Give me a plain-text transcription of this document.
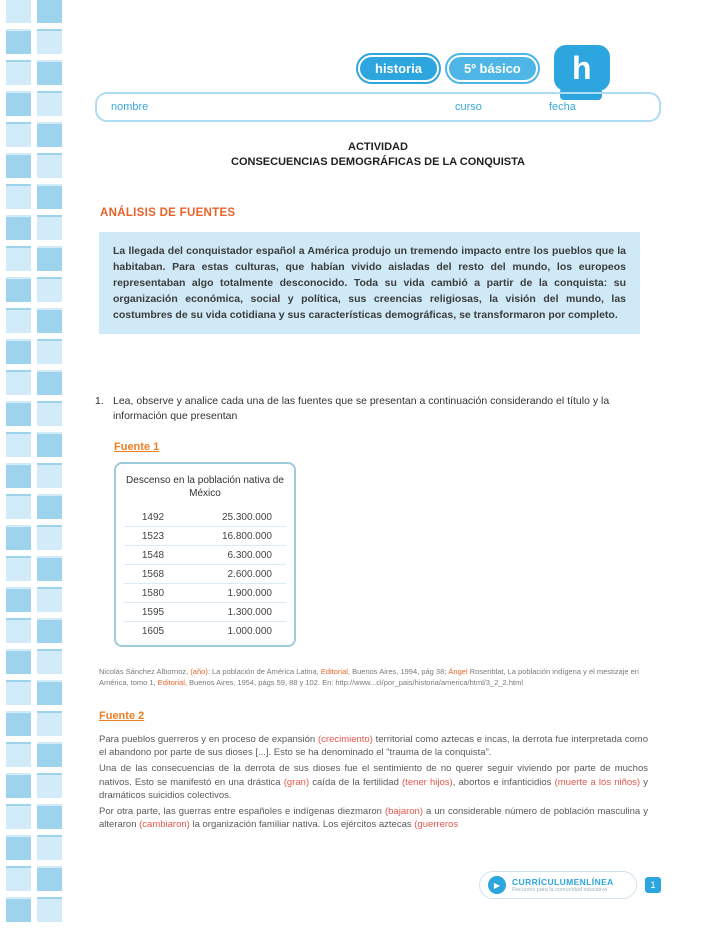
historia	5º básico	h
nombre	curso	fecha
ACTIVIDAD
CONSECUENCIAS DEMOGRÁFICAS DE LA CONQUISTA
ANÁLISIS DE FUENTES
La llegada del conquistador español a América produjo un tremendo impacto entre los pueblos que la habitaban. Para estas culturas, que habían vivido aisladas del resto del mundo, los europeos representaban algo totalmente desconocido. Toda su vida cambió a partir de la conquista: su organización económica, social y política, sus creencias religiosas, la visión del mundo, las costumbres de su vida cotidiana y sus características demográficas, se transformaron por completo.
1. Lea, observe y analice cada una de las fuentes que se presentan a continuación considerando el título y la información que presentan
Fuente 1
Descenso en la población nativa de México
1492	25.300.000
1523	16.800.000
1548	6.300.000
1568	2.600.000
1580	1.900.000
1595	1.300.000
1605	1.000.000
Nicolás Sánchez Albornoz, (año): La población de América Latina, Editorial, Buenos Aires, 1994, pág 38; Ángel Rosenblat, La población indígena y el mestizaje en América, tomo 1, Editorial, Buenos Aires, 1954, págs 59, 88 y 102. En: http://www...cl/por_pais/historia/america/html/3_2_2.html
Fuente 2

Para pueblos guerreros y en proceso de expansión (crecimiento) territorial como aztecas e incas, la derrota fue interpretada como el abandono por parte de sus dioses [...]. Esto se ha denominado el “trauma de la conquista”.

Una de las consecuencias de la derrota de sus dioses fue el sentimiento de no querer seguir viviendo por parte de muchos nativos. Esto se manifestó en una drástica (gran) caída de la fertilidad (tener hijos), abortos e infanticidios (muerte a los niños) y dramáticos suicidios colectivos.

Por otra parte, las guerras entre españoles e indígenas diezmaron (bajaron) a un considerable número de población masculina y alteraron (cambiaron) la organización familiar nativa. Los ejércitos aztecas (guerreros

▶	CURRÍCULUMENLÍNEA
Recursos para la comunidad educativa	1
